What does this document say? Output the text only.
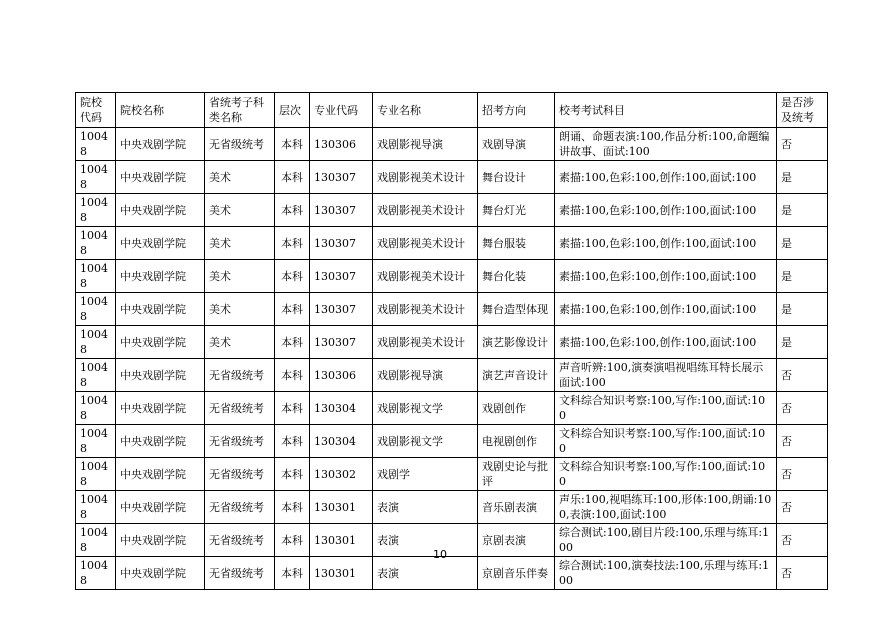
院校代码	院校名称	省统考子科类名称	层次	专业代码	专业名称	招考方向	校考考试科目	是否涉及统考
10048	中央戏剧学院	无省级统考	本科	130306	戏剧影视导演	戏剧导演	朗诵、命题表演:100,作品分析:100,命题编讲故事、面试:100	否
10048	中央戏剧学院	美术	本科	130307	戏剧影视美术设计	舞台设计	素描:100,色彩:100,创作:100,面试:100	是
10048	中央戏剧学院	美术	本科	130307	戏剧影视美术设计	舞台灯光	素描:100,色彩:100,创作:100,面试:100	是
10048	中央戏剧学院	美术	本科	130307	戏剧影视美术设计	舞台服装	素描:100,色彩:100,创作:100,面试:100	是
10048	中央戏剧学院	美术	本科	130307	戏剧影视美术设计	舞台化装	素描:100,色彩:100,创作:100,面试:100	是
10048	中央戏剧学院	美术	本科	130307	戏剧影视美术设计	舞台造型体现	素描:100,色彩:100,创作:100,面试:100	是
10048	中央戏剧学院	美术	本科	130307	戏剧影视美术设计	演艺影像设计	素描:100,色彩:100,创作:100,面试:100	是
10048	中央戏剧学院	无省级统考	本科	130306	戏剧影视导演	演艺声音设计	声音听辨:100,演奏演唱视唱练耳特长展示面试:100	否
10048	中央戏剧学院	无省级统考	本科	130304	戏剧影视文学	戏剧创作	文科综合知识考察:100,写作:100,面试:100	否
10048	中央戏剧学院	无省级统考	本科	130304	戏剧影视文学	电视剧创作	文科综合知识考察:100,写作:100,面试:100	否
10048	中央戏剧学院	无省级统考	本科	130302	戏剧学	戏剧史论与批评	文科综合知识考察:100,写作:100,面试:100	否
10048	中央戏剧学院	无省级统考	本科	130301	表演	音乐剧表演	声乐:100,视唱练耳:100,形体:100,朗诵:100,表演:100,面试:100	否
10048	中央戏剧学院	无省级统考	本科	130301	表演	京剧表演	综合测试:100,剧目片段:100,乐理与练耳:100	否
10048	中央戏剧学院	无省级统考	本科	130301	表演	京剧音乐伴奏	综合测试:100,演奏技法:100,乐理与练耳:100	否
10
